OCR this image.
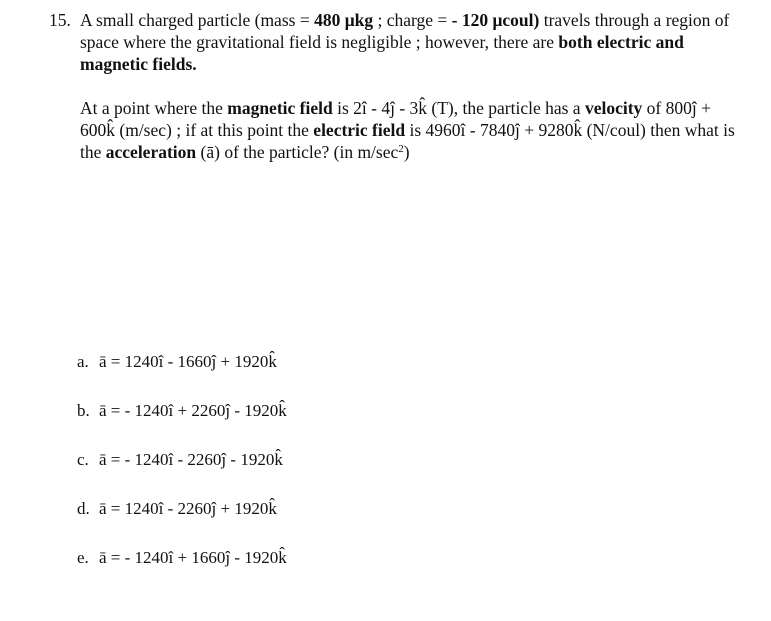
15. A small charged particle (mass = 480 μkg ; charge = - 120 μcoul) travels through a region of space where the gravitational field is negligible ; however, there are both electric and magnetic fields.

At a point where the magnetic field is 2î - 4ĵ - 3k̂ (T), the particle has a velocity of 800ĵ + 600k̂ (m/sec) ; if at this point the electric field is 4960î - 7840ĵ + 9280k̂ (N/coul) then what is the acceleration (ā) of the particle? (in $m/\sec^2$)

a. ā = 1240î - 1660ĵ + 1920k̂
b. ā = - 1240î + 2260ĵ - 1920k̂
c. ā = - 1240î - 2260ĵ - 1920k̂
d. ā = 1240î - 2260ĵ + 1920k̂
e. ā = - 1240î + 1660ĵ - 1920k̂
